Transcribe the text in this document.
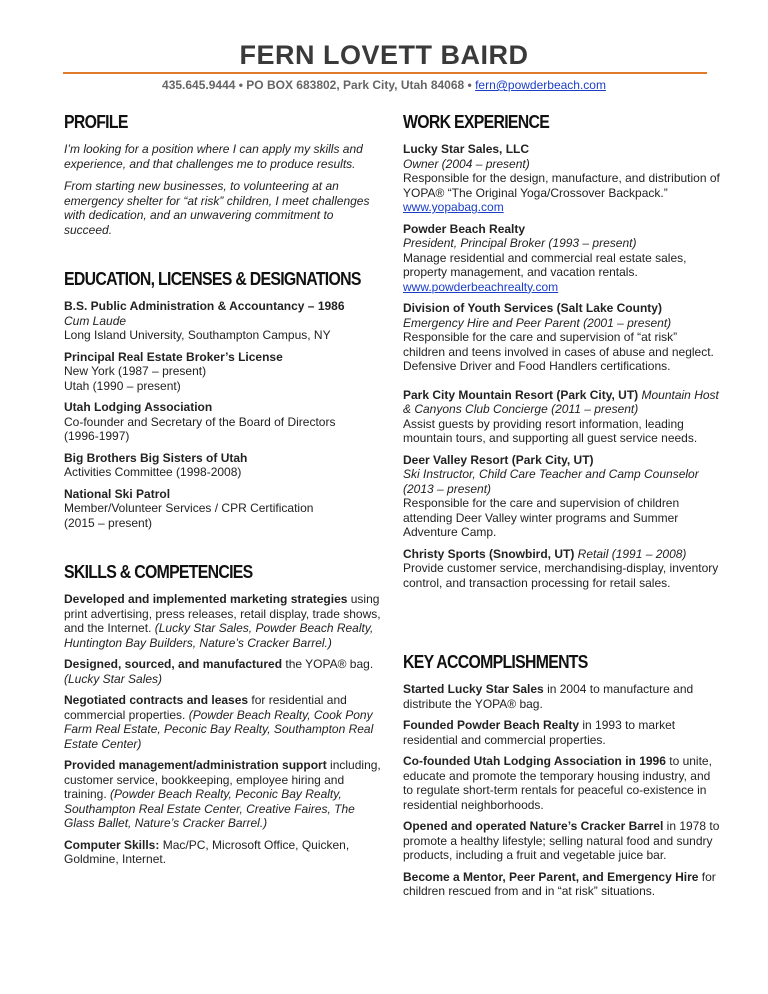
FERN LOVETT BAIRD
435.645.9444 • PO BOX 683802, Park City, Utah 84068 • fern@powderbeach.com
PROFILE

I’m looking for a position where I can apply my skills and experience, and that challenges me to produce results.

From starting new businesses, to volunteering at an emergency shelter for “at risk” children, I meet challenges with dedication, and an unwavering commitment to succeed.

EDUCATION, LICENSES & DESIGNATIONS
B.S. Public Administration & Accountancy – 1986
Cum Laude
Long Island University, Southampton Campus, NY
Principal Real Estate Broker’s License
New York (1987 – present)
Utah (1990 – present)
Utah Lodging Association
Co-founder and Secretary of the Board of Directors
(1996-1997)
Big Brothers Big Sisters of Utah
Activities Committee (1998-2008)
National Ski Patrol
Member/Volunteer Services / CPR Certification
(2015 – present)
SKILLS & COMPETENCIES
Developed and implemented marketing strategies using print advertising, press releases, retail display, trade shows, and the Internet. (Lucky Star Sales, Powder Beach Realty, Huntington Bay Builders, Nature’s Cracker Barrel.)
Designed, sourced, and manufactured the YOPA® bag. (Lucky Star Sales)
Negotiated contracts and leases for residential and commercial properties. (Powder Beach Realty, Cook Pony Farm Real Estate, Peconic Bay Realty, Southampton Real Estate Center)
Provided management/administration support including, customer service, bookkeeping, employee hiring and training. (Powder Beach Realty, Peconic Bay Realty, Southampton Real Estate Center, Creative Faires, The Glass Ballet, Nature’s Cracker Barrel.)
Computer Skills: Mac/PC, Microsoft Office, Quicken, Goldmine, Internet.
WORK EXPERIENCE
Lucky Star Sales, LLC
Owner (2004 – present)
Responsible for the design, manufacture, and distribution of YOPA® “The Original Yoga/Crossover Backpack.”
www.yopabag.com
Powder Beach Realty
President, Principal Broker (1993 – present)
Manage residential and commercial real estate sales, property management, and vacation rentals.
www.powderbeachrealty.com
Division of Youth Services (Salt Lake County)
Emergency Hire and Peer Parent (2001 – present)
Responsible for the care and supervision of “at risk” children and teens involved in cases of abuse and neglect. Defensive Driver and Food Handlers certifications.
Park City Mountain Resort (Park City, UT) Mountain Host & Canyons Club Concierge (2011 – present)
Assist guests by providing resort information, leading mountain tours, and supporting all guest service needs.
Deer Valley Resort (Park City, UT)
Ski Instructor, Child Care Teacher and Camp Counselor (2013 – present)
Responsible for the care and supervision of children attending Deer Valley winter programs and Summer Adventure Camp.
Christy Sports (Snowbird, UT) Retail (1991 – 2008)
Provide customer service, merchandising-display, inventory control, and transaction processing for retail sales.
KEY ACCOMPLISHMENTS
Started Lucky Star Sales in 2004 to manufacture and distribute the YOPA® bag.
Founded Powder Beach Realty in 1993 to market residential and commercial properties.
Co-founded Utah Lodging Association in 1996 to unite, educate and promote the temporary housing industry, and to regulate short-term rentals for peaceful co-existence in residential neighborhoods.
Opened and operated Nature’s Cracker Barrel in 1978 to promote a healthy lifestyle; selling natural food and sundry products, including a fruit and vegetable juice bar.
Become a Mentor, Peer Parent, and Emergency Hire for children rescued from and in “at risk” situations.
